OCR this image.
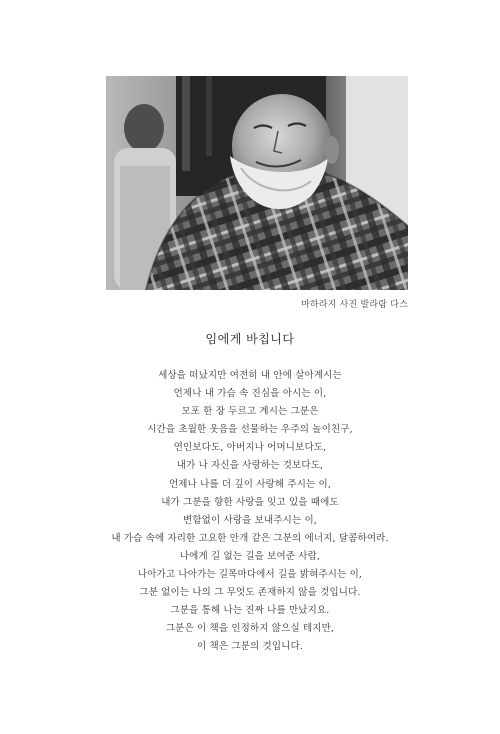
마하라지 사진 발라람 다스
임에게 바칩니다
세상을 떠났지만 여전히 내 안에 살아계시는
언제나 내 가슴 속 진심을 아시는 이,
모포 한 장 두르고 계시는 그분은
시간을 초월한 웃음을 선물하는 우주의 놀이친구,
연인보다도, 아버지나 어머니보다도,
내가 나 자신을 사랑하는 것보다도,
언제나 나를 더 깊이 사랑해 주시는 이,
내가 그분을 향한 사랑을 잊고 있을 때에도
변함없이 사랑을 보내주시는 이,
내 가슴 속에 자리한 고요한 안개 같은 그분의 에너지, 달콤하여라.
나에게 길 없는 길을 보여준 사람,
나아가고 나아가는 길목마다에서 길을 밝혀주시는 이,
그분 없이는 나의 그 무엇도 존재하지 않을 것입니다.
그분을 통해 나는 진짜 나를 만났지요.
그분은 이 책을 인정하지 않으실 테지만,
이 책은 그분의 것입니다.
